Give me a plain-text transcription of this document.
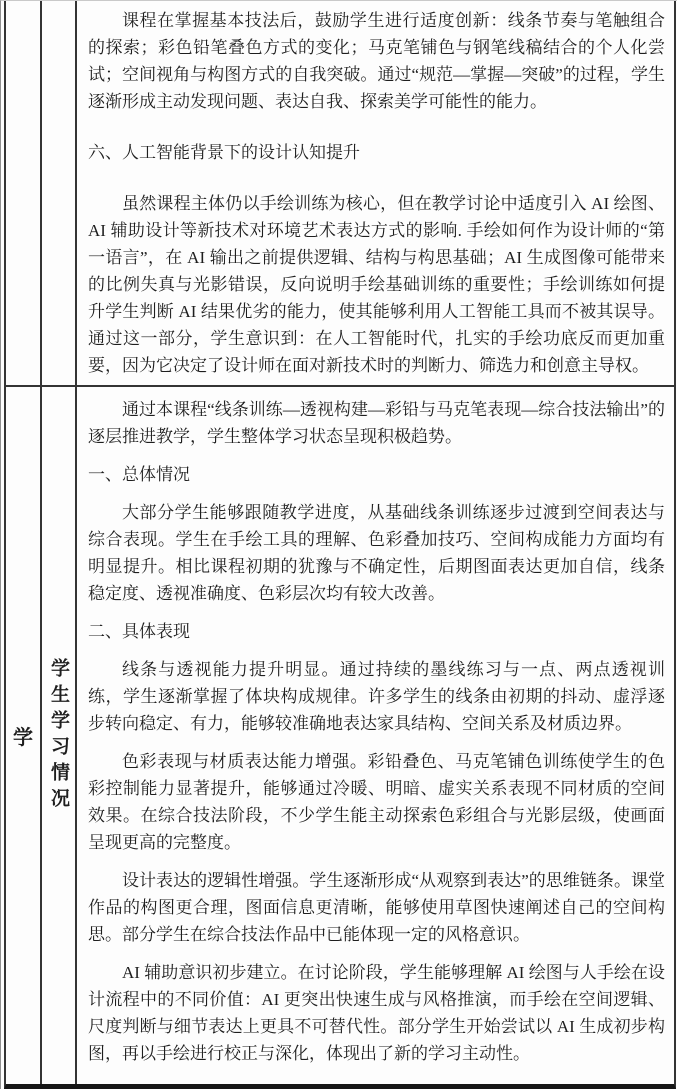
课程在掌握基本技法后，鼓励学生进行适度创新：线条节奏与笔触组合的探索；彩色铅笔叠色方式的变化；马克笔铺色与钢笔线稿结合的个人化尝试；空间视角与构图方式的自我突破。通过“规范—掌握—突破”的过程，学生逐渐形成主动发现问题、表达自我、探索美学可能性的能力。
六、人工智能背景下的设计认知提升
虽然课程主体仍以手绘训练为核心，但在教学讨论中适度引入 AI 绘图、AI 辅助设计等新技术对环境艺术表达方式的影响. 手绘如何作为设计师的“第一语言”，在 AI 输出之前提供逻辑、结构与构思基础；AI 生成图像可能带来的比例失真与光影错误，反向说明手绘基础训练的重要性；手绘训练如何提升学生判断 AI 结果优劣的能力，使其能够利用人工智能工具而不被其误导。通过这一部分，学生意识到：在人工智能时代，扎实的手绘功底反而更加重要，因为它决定了设计师在面对新技术时的判断力、筛选力和创意主导权。
学 学生学习情况
通过本课程“线条训练—透视构建—彩铅与马克笔表现—综合技法输出”的逐层推进教学，学生整体学习状态呈现积极趋势。
一、总体情况
大部分学生能够跟随教学进度，从基础线条训练逐步过渡到空间表达与综合表现。学生在手绘工具的理解、色彩叠加技巧、空间构成能力方面均有明显提升。相比课程初期的犹豫与不确定性，后期图面表达更加自信，线条稳定度、透视准确度、色彩层次均有较大改善。
二、具体表现
线条与透视能力提升明显。通过持续的墨线练习与一点、两点透视训练，学生逐渐掌握了体块构成规律。许多学生的线条由初期的抖动、虚浮逐步转向稳定、有力，能够较准确地表达家具结构、空间关系及材质边界。
色彩表现与材质表达能力增强。彩铅叠色、马克笔铺色训练使学生的色彩控制能力显著提升，能够通过冷暖、明暗、虚实关系表现不同材质的空间效果。在综合技法阶段，不少学生能主动探索色彩组合与光影层级，使画面呈现更高的完整度。
设计表达的逻辑性增强。学生逐渐形成“从观察到表达”的思维链条。课堂作品的构图更合理，图面信息更清晰，能够使用草图快速阐述自己的空间构思。部分学生在综合技法作品中已能体现一定的风格意识。
AI 辅助意识初步建立。在讨论阶段，学生能够理解 AI 绘图与人手绘在设计流程中的不同价值：AI 更突出快速生成与风格推演，而手绘在空间逻辑、尺度判断与细节表达上更具不可替代性。部分学生开始尝试以 AI 生成初步构图，再以手绘进行校正与深化，体现出了新的学习主动性。
